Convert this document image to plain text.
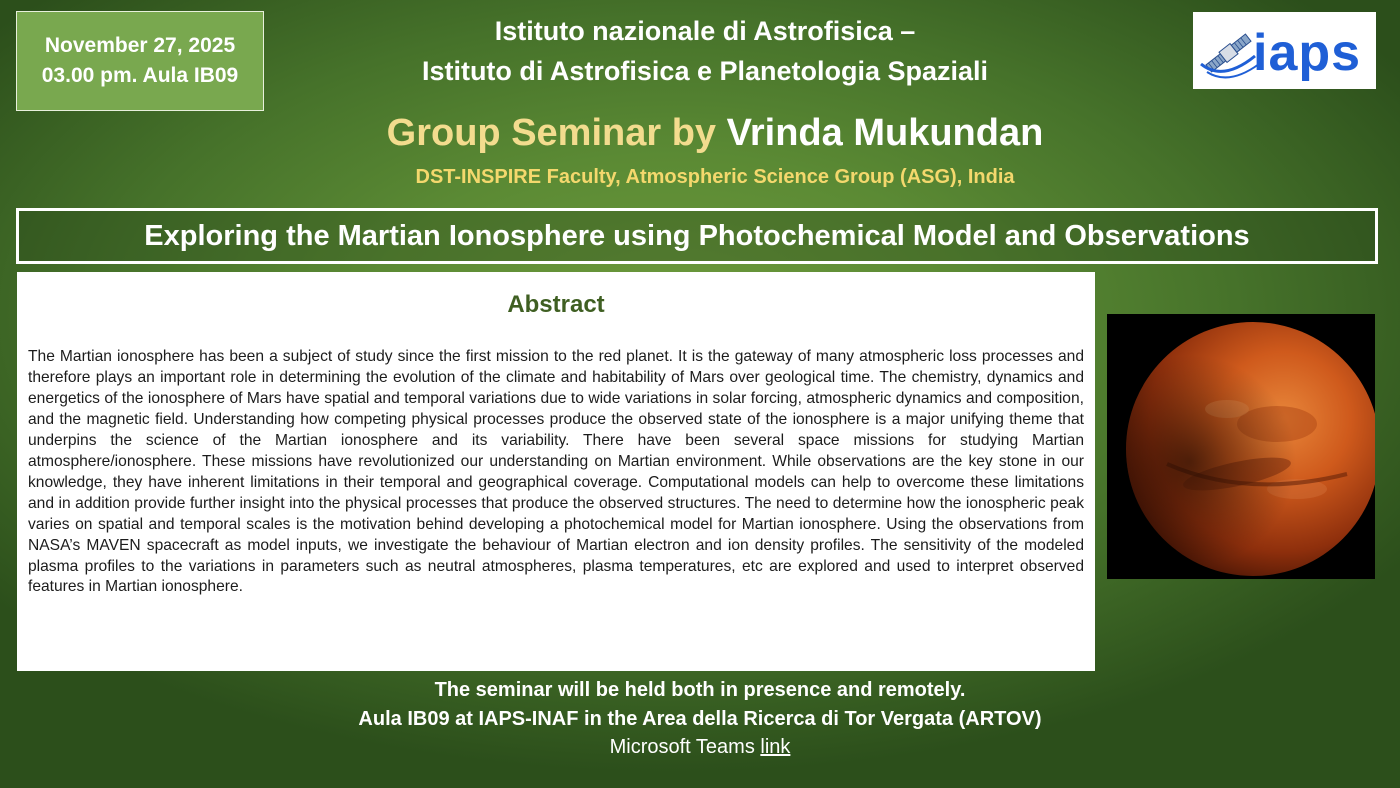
November 27, 2025
03.00 pm. Aula IB09
Istituto nazionale di Astrofisica –
Istituto di Astrofisica e Planetologia Spaziali	iaps
Group Seminar by Vrinda Mukundan
DST-INSPIRE Faculty, Atmospheric Science Group (ASG), India
Exploring the Martian Ionosphere using Photochemical Model and Observations
Abstract
The Martian ionosphere has been a subject of study since the first mission to the red planet. It is the gateway of many atmospheric loss processes and therefore plays an important role in determining the evolution of the climate and habitability of Mars over geological time. The chemistry, dynamics and energetics of the ionosphere of Mars have spatial and temporal variations due to wide variations in solar forcing, atmospheric dynamics and composition, and the magnetic field. Understanding how competing physical processes produce the observed state of the ionosphere is a major unifying theme that underpins the science of the Martian ionosphere and its variability. There have been several space missions for studying Martian atmosphere/ionosphere. These missions have revolutionized our understanding on Martian environment. While observations are the key stone in our knowledge, they have inherent limitations in their temporal and geographical coverage. Computational models can help to overcome these limitations and in addition provide further insight into the physical processes that produce the observed structures. The need to determine how the ionospheric peak varies on spatial and temporal scales is the motivation behind developing a photochemical model for Martian ionosphere. Using the observations from NASA’s MAVEN spacecraft as model inputs, we investigate the behaviour of Martian electron and ion density profiles. The sensitivity of the modeled plasma profiles to the variations in parameters such as neutral atmospheres, plasma temperatures, etc are explored and used to interpret observed features in Martian ionosphere.
The seminar will be held both in presence and remotely.
Aula IB09 at IAPS-INAF in the Area della Ricerca di Tor Vergata (ARTOV)
Microsoft Teams link
